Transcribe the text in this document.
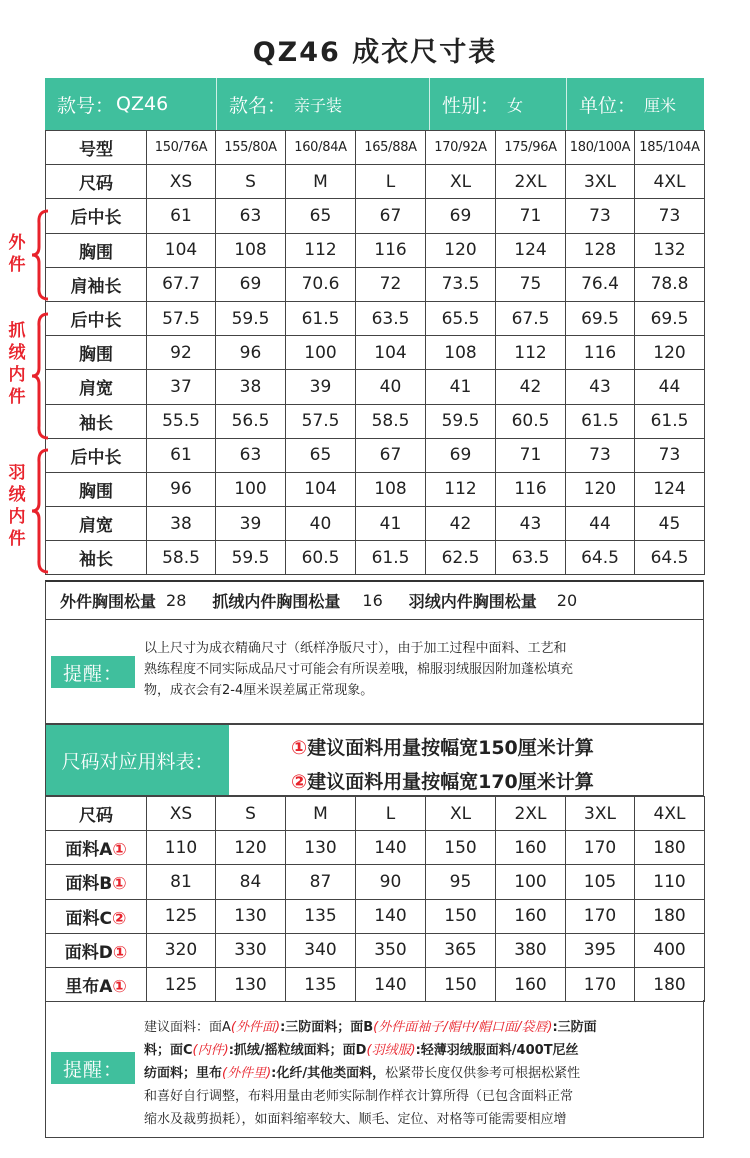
QZ46 成衣尺寸表
款号： QZ46	款名： 亲子装	性别： 女	单位： 厘米
号型	150/76A	155/80A	160/84A	165/88A	170/92A	175/96A	180/100A	185/104A
尺码	XS	S	M	L	XL	2XL	3XL	4XL
后中长	61	63	65	67	69	71	73	73
胸围	104	108	112	116	120	124	128	132
肩袖长	67.7	69	70.6	72	73.5	75	76.4	78.8
后中长	57.5	59.5	61.5	63.5	65.5	67.5	69.5	69.5
胸围	92	96	100	104	108	112	116	120
肩宽	37	38	39	40	41	42	43	44
袖长	55.5	56.5	57.5	58.5	59.5	60.5	61.5	61.5
后中长	61	63	65	67	69	71	73	73
胸围	96	100	104	108	112	116	120	124
肩宽	38	39	40	41	42	43	44	45
袖长	58.5	59.5	60.5	61.5	62.5	63.5	64.5	64.5
外
件
抓
绒
内
件
羽
绒
内
件
外件胸围松量 28 抓绒内件胸围松量 16 羽绒内件胸围松量 20
提醒：
以上尺寸为成衣精确尺寸（纸样净版尺寸），由于加工过程中面料、工艺和
熟练程度不同实际成品尺寸可能会有所误差哦，棉服羽绒服因附加蓬松填充
物，成衣会有2-4厘米误差属正常现象。
尺码对应用料表：
①建议面料用量按幅宽150厘米计算
②建议面料用量按幅宽170厘米计算
尺码	XS	S	M	L	XL	2XL	3XL	4XL
面料A①	110	120	130	140	150	160	170	180
面料B①	81	84	87	90	95	100	105	110
面料C②	125	130	135	140	150	160	170	180
面料D①	320	330	340	350	365	380	395	400
里布A①	125	130	135	140	150	160	170	180
提醒：
建议面料：面A(外件面):三防面料；面B(外件面袖子/帽中/帽口面/袋唇):三防面
料；面C(内件):抓绒/摇粒绒面料；面D(羽绒服):轻薄羽绒服面料/400T尼丝
纺面料；里布(外件里):化纤/其他类面料，松紧带长度仅供参考可根据松紧性
和喜好自行调整，布料用量由老师实际制作样衣计算所得（已包含面料正常
缩水及裁剪损耗），如面料缩率较大、顺毛、定位、对格等可能需要相应增
